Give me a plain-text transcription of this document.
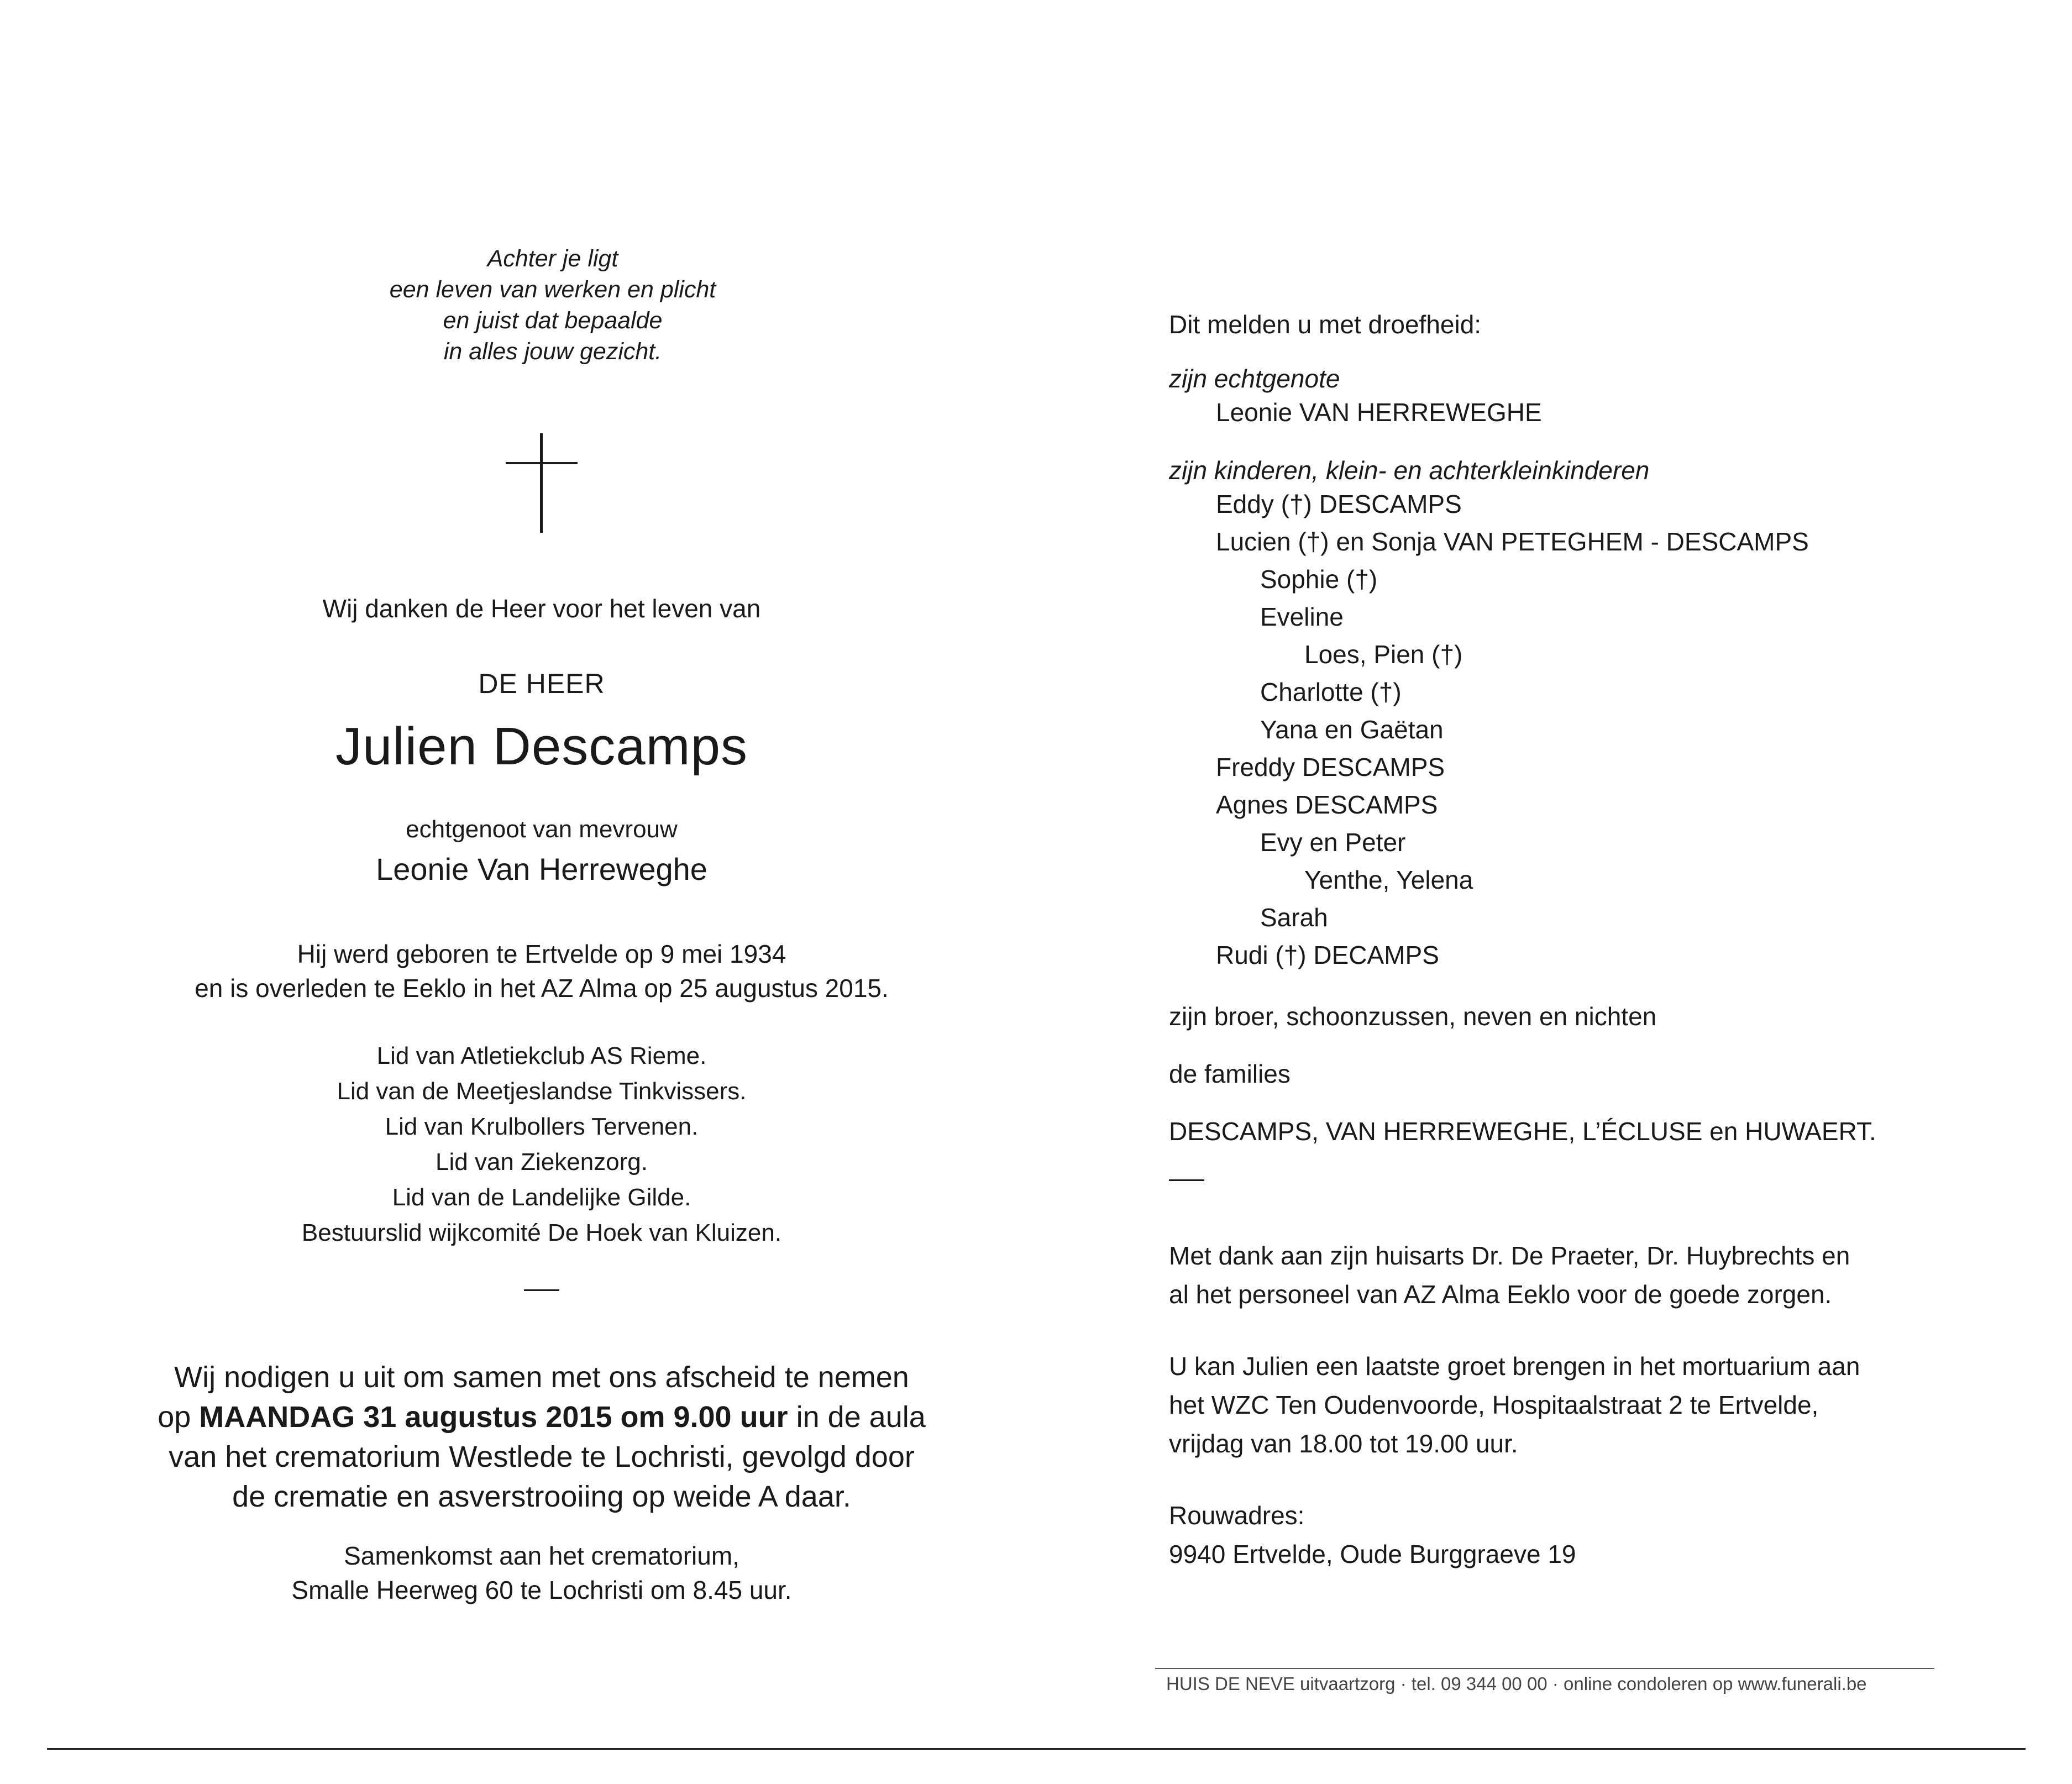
Achter je ligt
een leven van werken en plicht
en juist dat bepaalde
in alles jouw gezicht.
Wij danken de Heer voor het leven van
DE HEER
Julien Descamps
echtgenoot van mevrouw
Leonie Van Herreweghe
Hij werd geboren te Ertvelde op 9 mei 1934
en is overleden te Eeklo in het AZ Alma op 25 augustus 2015.
Lid van Atletiekclub AS Rieme.
Lid van de Meetjeslandse Tinkvissers.
Lid van Krulbollers Tervenen.
Lid van Ziekenzorg.
Lid van de Landelijke Gilde.
Bestuurslid wijkcomité De Hoek van Kluizen.
Wij nodigen u uit om samen met ons afscheid te nemen
op MAANDAG 31 augustus 2015 om 9.00 uur in de aula
van het crematorium Westlede te Lochristi, gevolgd door
de crematie en asverstrooiing op weide A daar.
Samenkomst aan het crematorium,
Smalle Heerweg 60 te Lochristi om 8.45 uur.
Dit melden u met droefheid:
zijn echtgenote
Leonie VAN HERREWEGHE
zijn kinderen, klein- en achterkleinkinderen
Eddy (†) DESCAMPS
Lucien (†) en Sonja VAN PETEGHEM - DESCAMPS
Sophie (†)
Eveline
Loes, Pien (†)
Charlotte (†)
Yana en Gaëtan
Freddy DESCAMPS
Agnes DESCAMPS
Evy en Peter
Yenthe, Yelena
Sarah
Rudi (†) DECAMPS
zijn broer, schoonzussen, neven en nichten
de families
DESCAMPS, VAN HERREWEGHE, L’ÉCLUSE en HUWAERT.
Met dank aan zijn huisarts Dr. De Praeter, Dr. Huybrechts en
al het personeel van AZ Alma Eeklo voor de goede zorgen.
U kan Julien een laatste groet brengen in het mortuarium aan
het WZC Ten Oudenvoorde, Hospitaalstraat 2 te Ertvelde,
vrijdag van 18.00 tot 19.00 uur.
Rouwadres:
9940 Ertvelde, Oude Burggraeve 19
HUIS DE NEVE uitvaartzorg · tel. 09 344 00 00 · online condoleren op www.funerali.be
